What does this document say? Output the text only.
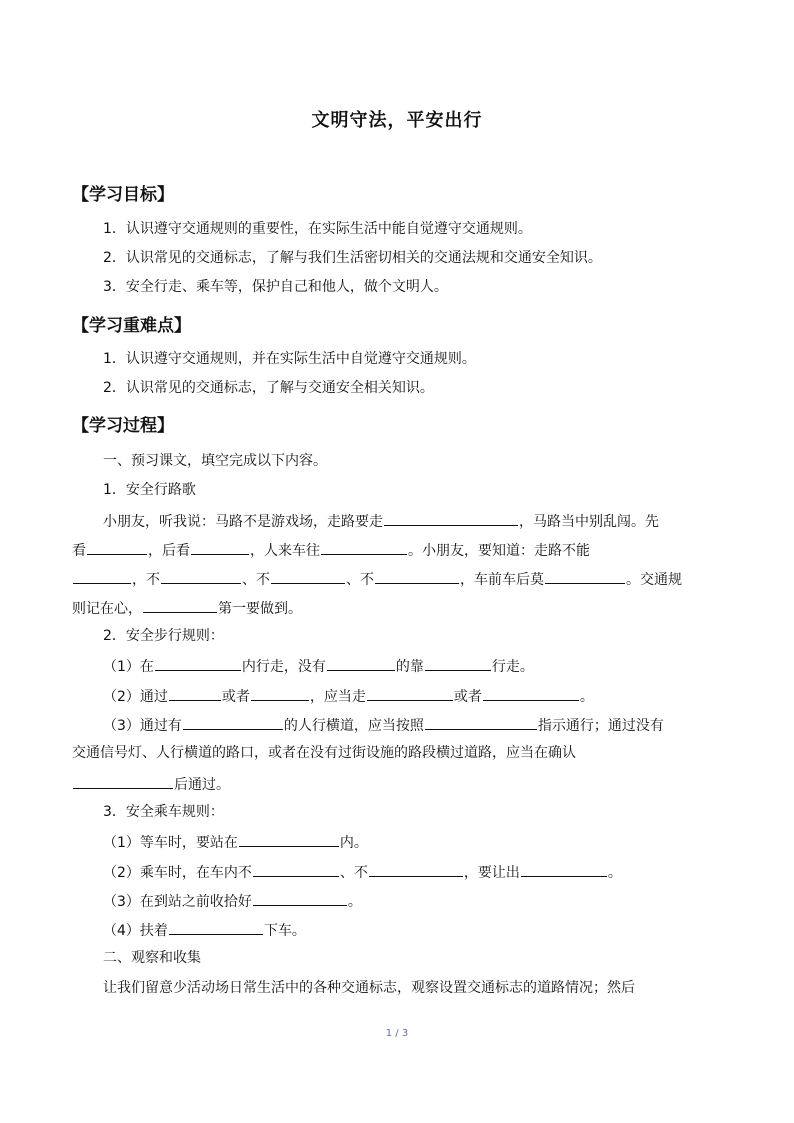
文明守法，平安出行
【学习目标】
1．认识遵守交通规则的重要性，在实际生活中能自觉遵守交通规则。
2．认识常见的交通标志，了解与我们生活密切相关的交通法规和交通安全知识。
3．安全行走、乘车等，保护自己和他人，做个文明人。
【学习重难点】
1．认识遵守交通规则，并在实际生活中自觉遵守交通规则。
2．认识常见的交通标志，了解与交通安全相关知识。
【学习过程】
一、预习课文，填空完成以下内容。
1．安全行路歌
小朋友，听我说：马路不是游戏场，走路要走	，马路当中别乱闯。先
看	，后看	，人来车往	。小朋友，要知道：走路不能
，不	、不	、不	，车前车后莫	。交通规
则记在心，	第一要做到。
2．安全步行规则：
（1）在	内行走，没有	的靠	行走。
（2）通过	或者	，应当走	或者	。
（3）通过有	的人行横道，应当按照	指示通行；通过没有
交通信号灯、人行横道的路口，或者在没有过街设施的路段横过道路，应当在确认
后通过。
3．安全乘车规则：
（1）等车时，要站在	内。
（2）乘车时，在车内不	、不	，要让出	。
（3）在到站之前收拾好	。
（4）扶着	下车。
二、观察和收集
让我们留意少活动场日常生活中的各种交通标志，观察设置交通标志的道路情况；然后
1 / 3
